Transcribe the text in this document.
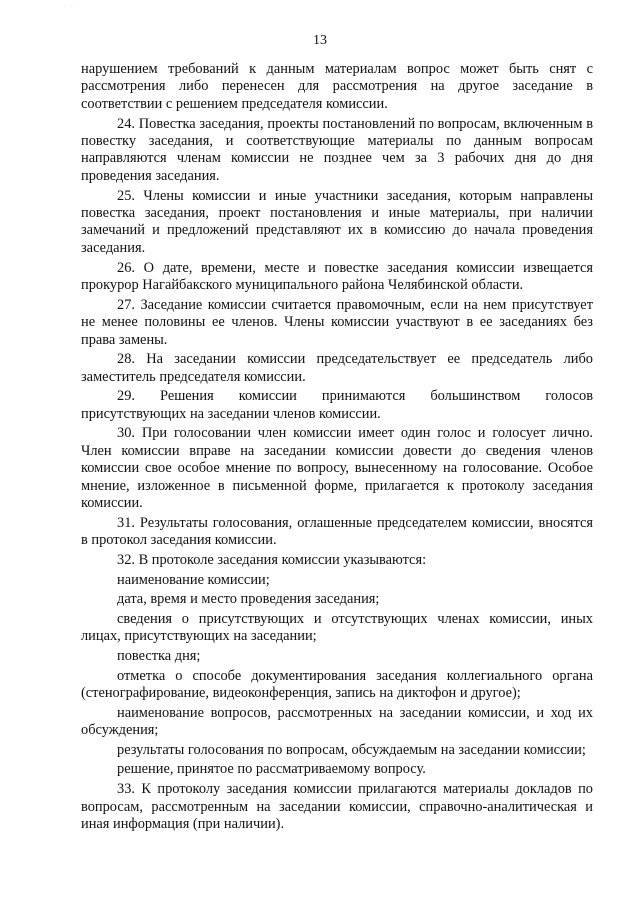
· · ·
13

нарушением требований к данным материалам вопрос может быть снят с рассмотрения либо перенесен для рассмотрения на другое заседание в соответствии с решением председателя комиссии.

24. Повестка заседания, проекты постановлений по вопросам, включенным в повестку заседания, и соответствующие материалы по данным вопросам направляются членам комиссии не позднее чем за 3 рабочих дня до дня проведения заседания.

25. Члены комиссии и иные участники заседания, которым направлены повестка заседания, проект постановления и иные материалы, при наличии замечаний и предложений представляют их в комиссию до начала проведения заседания.

26. О дате, времени, месте и повестке заседания комиссии извещается прокурор Нагайбакского муниципального района Челябинской области.

27. Заседание комиссии считается правомочным, если на нем присутствует не менее половины ее членов. Члены комиссии участвуют в ее заседаниях без права замены.

28. На заседании комиссии председательствует ее председатель либо заместитель председателя комиссии.

29. Решения комиссии принимаются большинством голосов присутствующих на заседании членов комиссии.

30. При голосовании член комиссии имеет один голос и голосует лично. Член комиссии вправе на заседании комиссии довести до сведения членов комиссии свое особое мнение по вопросу, вынесенному на голосование. Особое мнение, изложенное в письменной форме, прилагается к протоколу заседания комиссии.

31. Результаты голосования, оглашенные председателем комиссии, вносятся в протокол заседания комиссии.

32. В протоколе заседания комиссии указываются:

наименование комиссии;

дата, время и место проведения заседания;

сведения о присутствующих и отсутствующих членах комиссии, иных лицах, присутствующих на заседании;

повестка дня;

отметка о способе документирования заседания коллегиального органа (стенографирование, видеоконференция, запись на диктофон и другое);

наименование вопросов, рассмотренных на заседании комиссии, и ход их обсуждения;

результаты голосования по вопросам, обсуждаемым на заседании комиссии;

решение, принятое по рассматриваемому вопросу.

33. К протоколу заседания комиссии прилагаются материалы докладов по вопросам, рассмотренным на заседании комиссии, справочно-аналитическая и иная информация (при наличии).
